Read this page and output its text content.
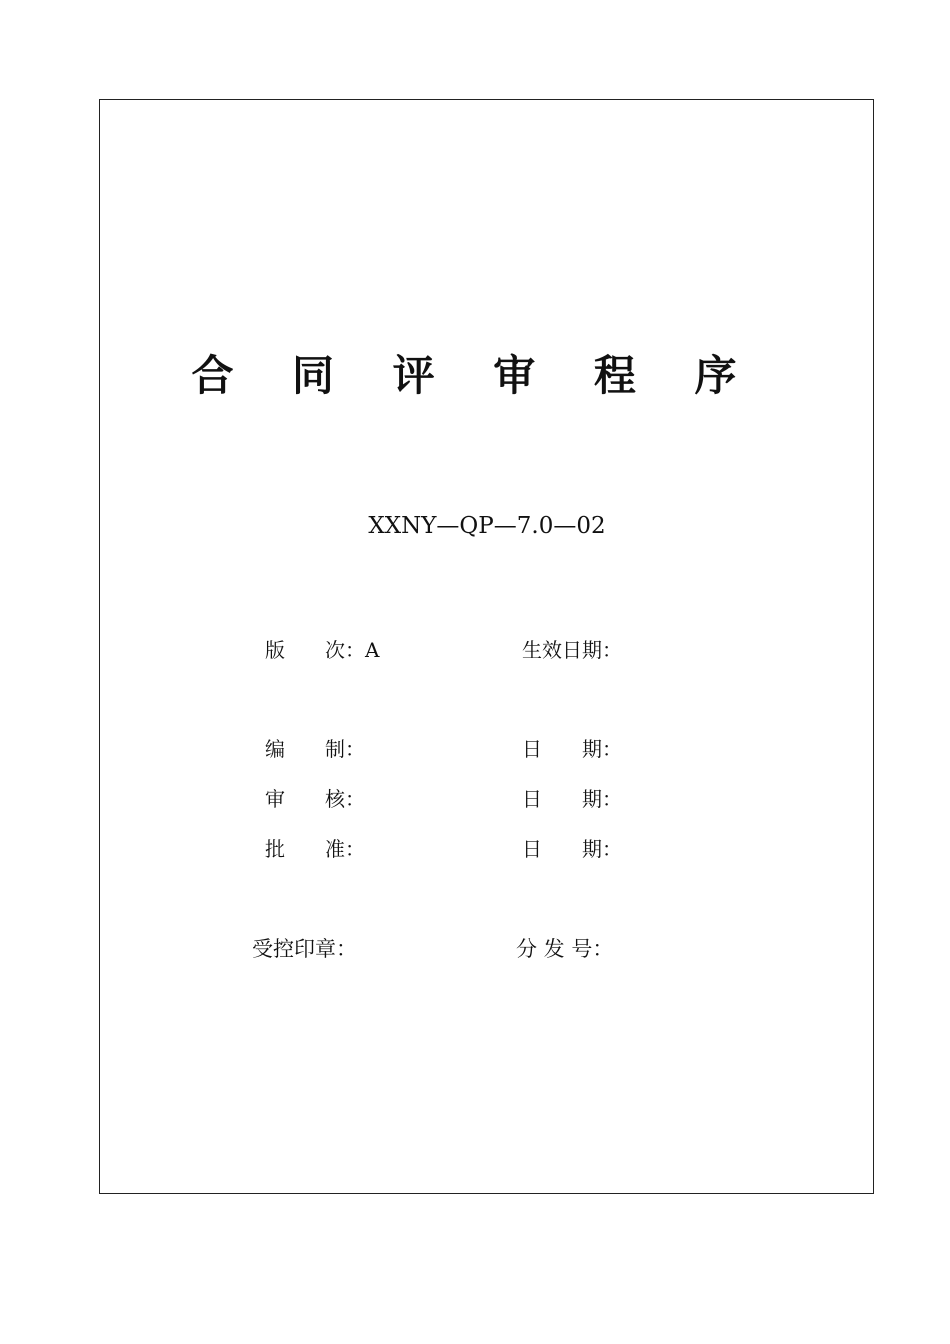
合 同 评 审 程 序
XXNY—QP—7.0—02
版　　次：A	生效日期：
编　　制：	日　　期：
审　　核：	日　　期：
批　　准：	日　　期：
受控印章：	分 发 号：
